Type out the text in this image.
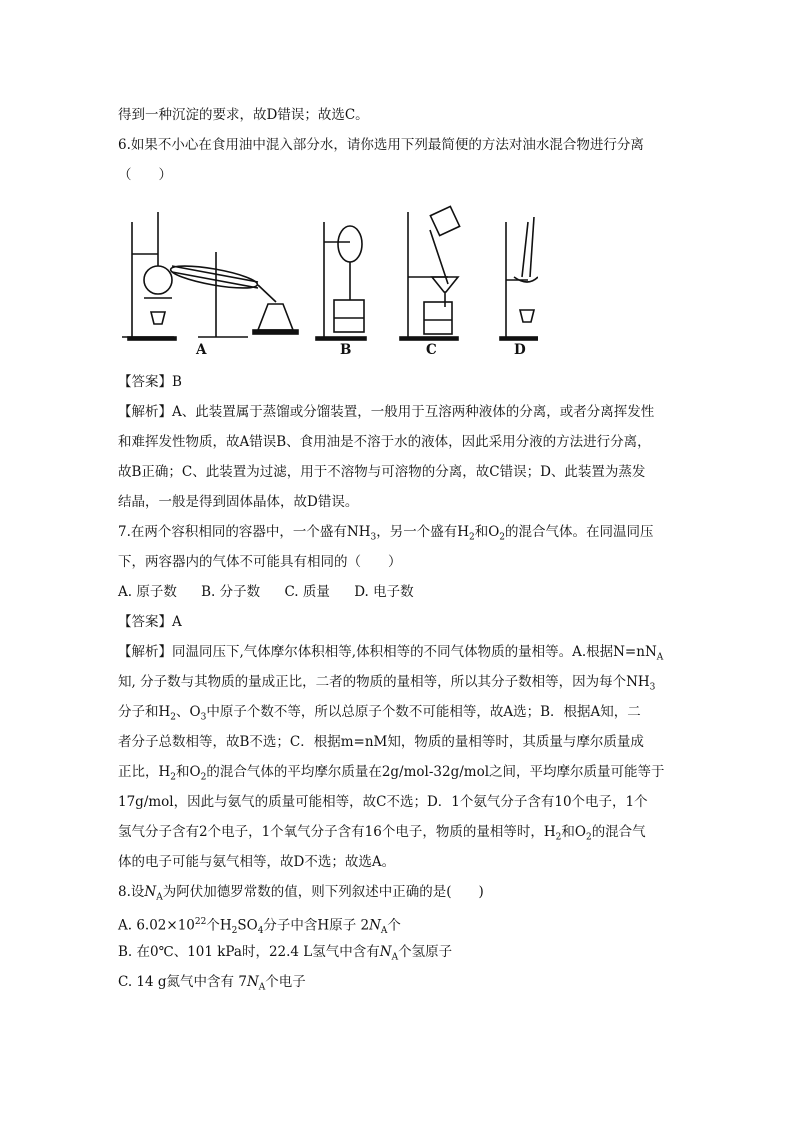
得到一种沉淀的要求，故D错误；故选C。
6.如果不小心在食用油中混入部分水，请你选用下列最简便的方法对油水混合物进行分离
（　　）
A	B	C	D
【答案】B
【解析】A、此装置属于蒸馏或分馏装置，一般用于互溶两种液体的分离，或者分离挥发性
和难挥发性物质，故A错误B、食用油是不溶于水的液体，因此采用分液的方法进行分离，
故B正确；C、此装置为过滤，用于不溶物与可溶物的分离，故C错误；D、此装置为蒸发
结晶，一般是得到固体晶体，故D错误。
7.在两个容积相同的容器中，一个盛有$NH_3$，另一个盛有$H_2$和$O_2$的混合气体。在同温同压
下，两容器内的气体不可能具有相同的（　　）
A. 原子数 B. 分子数 C. 质量 D. 电子数
【答案】A
【解析】同温同压下,气体摩尔体积相等,体积相等的不同气体物质的量相等。A.根据$N=nN_A$
知, 分子数与其物质的量成正比，二者的物质的量相等，所以其分子数相等，因为每个$NH_3$
分子和$H_2$、$O_3$中原子个数不等，所以总原子个数不可能相等，故A选；B．根据A知，二
者分子总数相等，故B不选；C．根据m=nM知，物质的量相等时，其质量与摩尔质量成
正比，$H_2$和$O_2$的混合气体的平均摩尔质量在2g/mol-32g/mol之间，平均摩尔质量可能等于
17g/mol，因此与氨气的质量可能相等，故C不选；D．1个氨气分子含有10个电子，1个
氢气分子含有2个电子，1个氧气分子含有16个电子，物质的量相等时，$H_2$和$O_2$的混合气
体的电子可能与氨气相等，故D不选；故选A。
8.设$N_A$为阿伏加德罗常数的值，则下列叙述中正确的是(　　)
A. $6.02\times 10^{22}$个$H_2SO_4$分子中含H原子 $2N_A$个
B. 在0℃、101 kPa时，22.4 L氢气中含有$N_A$个氢原子
C. 14 g氮气中含有 $7N_A$个电子
